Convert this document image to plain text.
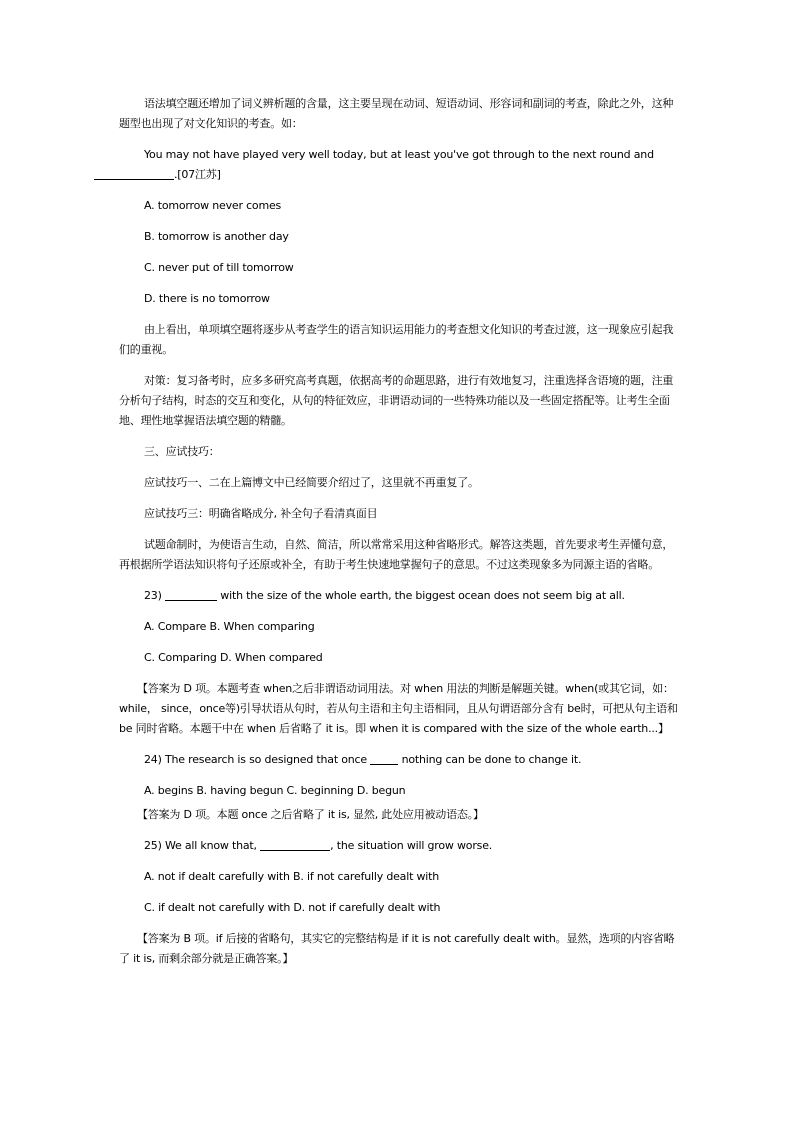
语法填空题还增加了词义辨析题的含量，这主要呈现在动词、短语动词、形容词和副词的考查，除此之外，这种题型也出现了对文化知识的考查。如：

You may not have played very well today, but at least you've got through to the next round and
.[07江苏]

A. tomorrow never comes

B. tomorrow is another day

C. never put of till tomorrow

D. there is no tomorrow

由上看出，单项填空题将逐步从考查学生的语言知识运用能力的考查想文化知识的考查过渡，这一现象应引起我们的重视。

对策：复习备考时，应多多研究高考真题，依据高考的命题思路，进行有效地复习，注重选择含语境的题，注重分析句子结构，时态的交互和变化，从句的特征效应，非谓语动词的一些特殊功能以及一些固定搭配等。让考生全面地、理性地掌握语法填空题的精髓。

三、应试技巧：

应试技巧一、二在上篇博文中已经简要介绍过了，这里就不再重复了。

应试技巧三：明确省略成分, 补全句子看清真面目

试题命制时，为使语言生动，自然、简洁，所以常常采用这种省略形式。解答这类题，首先要求考生弄懂句意，再根据所学语法知识将句子还原或补全，有助于考生快速地掌握句子的意思。不过这类现象多为同源主语的省略。

23)	with the size of the whole earth, the biggest ocean does not seem big at all.

A. Compare B. When comparing

C. Comparing D. When compared

【答案为 D 项。本题考查 when之后非谓语动词用法。对 when 用法的判断是解题关键。when(或其它词，如：while， since，once等)引导状语从句时，若从句主语和主句主语相同，且从句谓语部分含有 be时，可把从句主语和 be 同时省略。本题干中在 when 后省略了 it is。即 when it is compared with the size of the whole earth...】

24) The research is so designed that once	nothing can be done to change it.

A. begins B. having begun C. beginning D. begun

【答案为 D 项。本题 once 之后省略了 it is, 显然, 此处应用被动语态。】

25) We all know that,	, the situation will grow worse.

A. not if dealt carefully with B. if not carefully dealt with

C. if dealt not carefully with D. not if carefully dealt with

【答案为 B 项。if 后接的省略句，其实它的完整结构是 if it is not carefully dealt with。显然，选项的内容省略了 it is, 而剩余部分就是正确答案。】
